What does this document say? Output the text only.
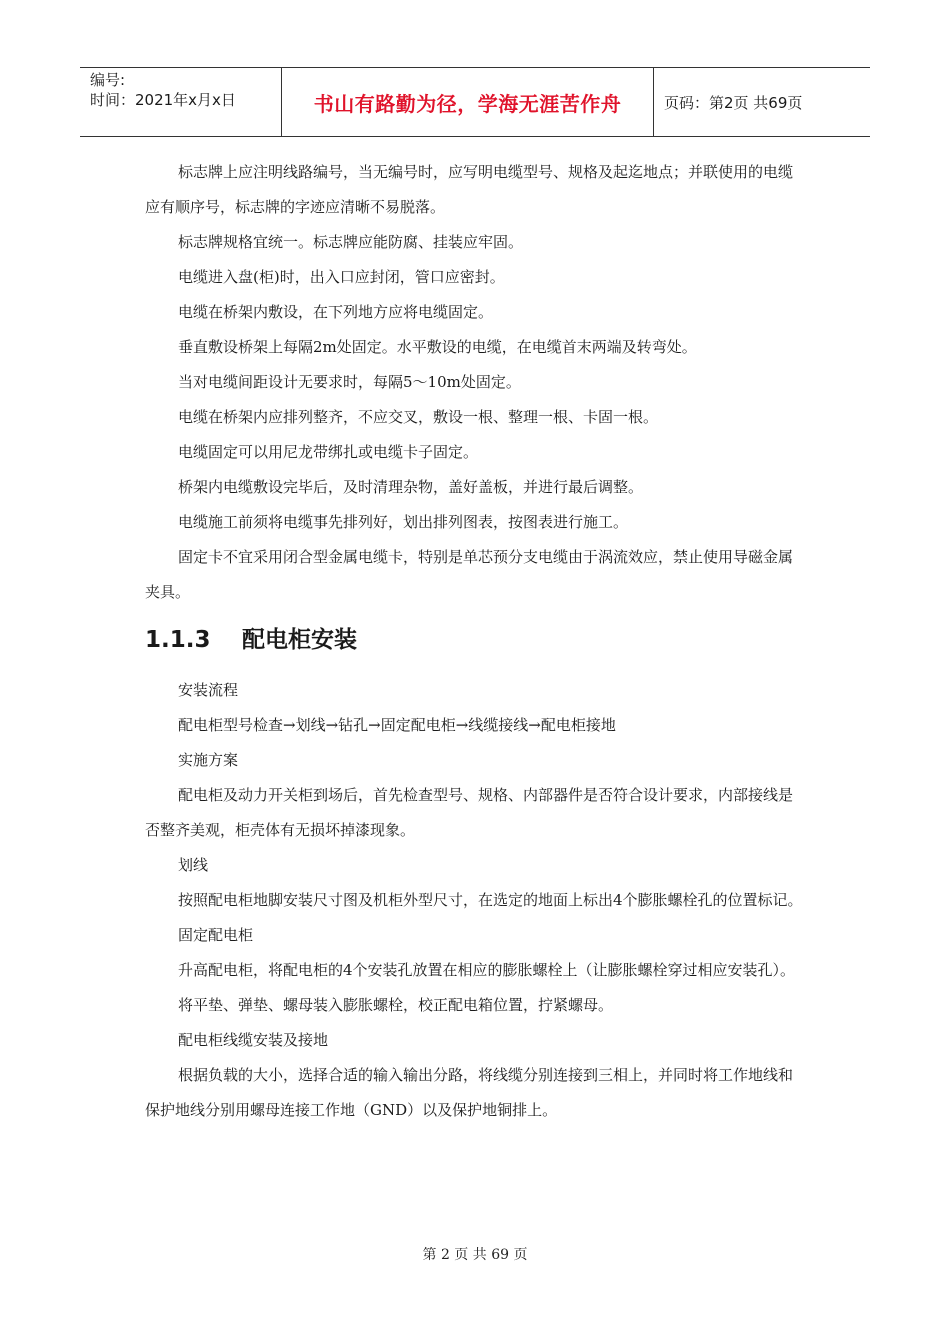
编号:
时间：2021年x月x日	书山有路勤为径，学海无涯苦作舟	页码：第2页 共69页

标志牌上应注明线路编号，当无编号时，应写明电缆型号、规格及起迄地点；并联使用的电缆应有顺序号，标志牌的字迹应清晰不易脱落。

标志牌规格宜统一。标志牌应能防腐、挂装应牢固。

电缆进入盘(柜)时，出入口应封闭，管口应密封。

电缆在桥架内敷设，在下列地方应将电缆固定。

垂直敷设桥架上每隔2m处固定。水平敷设的电缆，在电缆首末两端及转弯处。

当对电缆间距设计无要求时，每隔5～10m处固定。

电缆在桥架内应排列整齐，不应交叉，敷设一根、整理一根、卡固一根。

电缆固定可以用尼龙带绑扎或电缆卡子固定。

桥架内电缆敷设完毕后，及时清理杂物，盖好盖板，并进行最后调整。

电缆施工前须将电缆事先排列好，划出排列图表，按图表进行施工。

固定卡不宜采用闭合型金属电缆卡，特别是单芯预分支电缆由于涡流效应，禁止使用导磁金属夹具。

1.1.3 配电柜安装

安装流程

配电柜型号检查→划线→钻孔→固定配电柜→线缆接线→配电柜接地

实施方案

配电柜及动力开关柜到场后，首先检查型号、规格、内部器件是否符合设计要求，内部接线是否整齐美观，柜壳体有无损坏掉漆现象。

划线

按照配电柜地脚安装尺寸图及机柜外型尺寸，在选定的地面上标出4个膨胀螺栓孔的位置标记。

固定配电柜

升高配电柜，将配电柜的4个安装孔放置在相应的膨胀螺栓上（让膨胀螺栓穿过相应安装孔）。

将平垫、弹垫、螺母装入膨胀螺栓，校正配电箱位置，拧紧螺母。

配电柜线缆安装及接地

根据负载的大小，选择合适的输入输出分路，将线缆分别连接到三相上，并同时将工作地线和保护地线分别用螺母连接工作地（GND）以及保护地铜排上。

第 2 页 共 69 页
